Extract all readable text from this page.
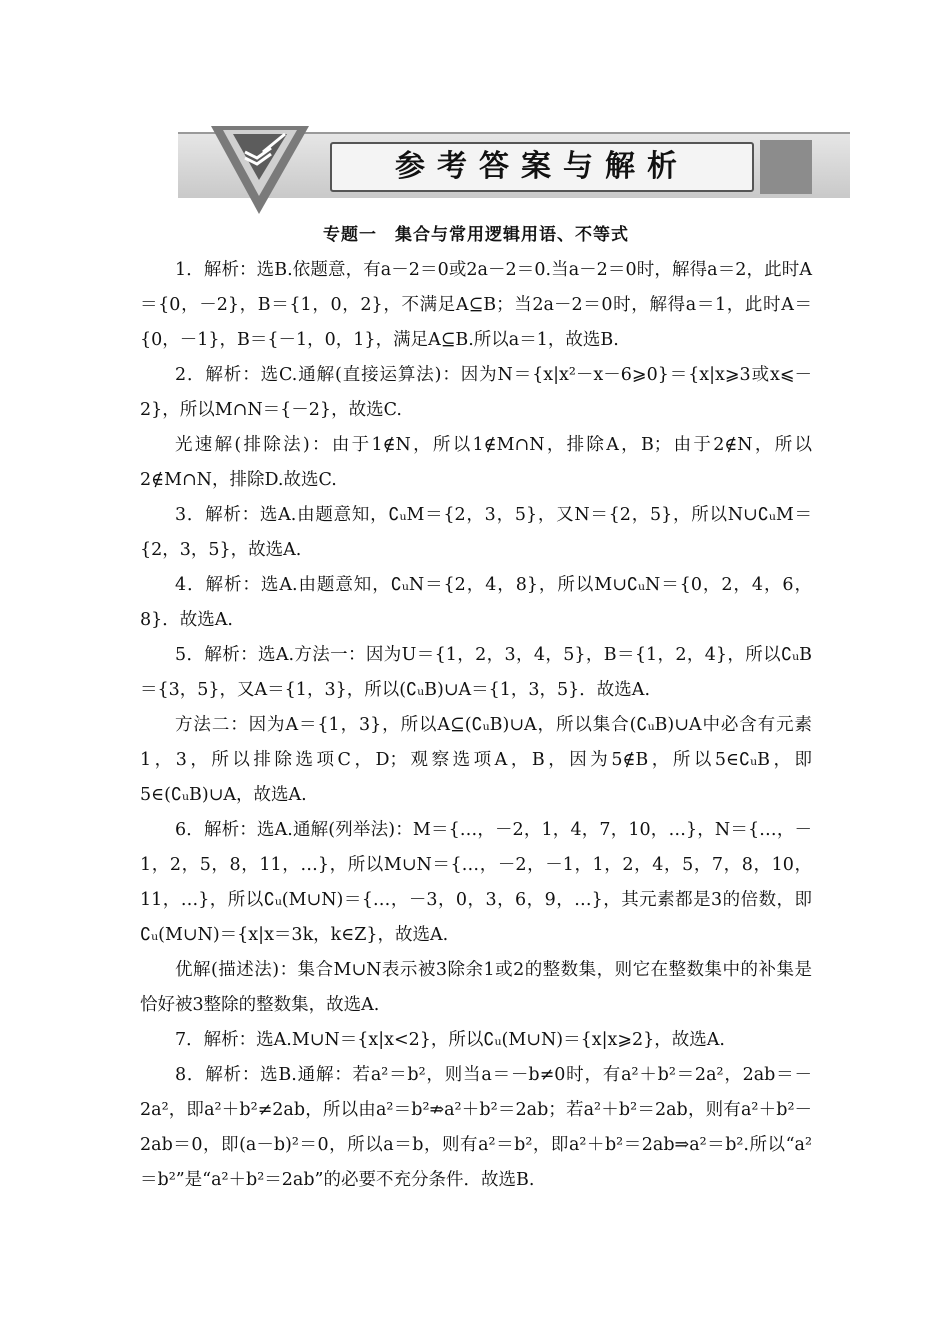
参考答案与解析
专题一　集合与常用逻辑用语、不等式

1．解析：选B.依题意，有a－2＝0或2a－2＝0.当a－2＝0时，解得a＝2，此时A＝{0，－2}，B＝{1，0，2}，不满足A⊆B；当2a－2＝0时，解得a＝1，此时A＝{0，－1}，B＝{－1，0，1}，满足A⊆B.所以a＝1，故选B.

2．解析：选C.通解(直接运算法)：因为N＝{x|x²－x－6⩾0}＝{x|x⩾3或x⩽－2}，所以M∩N＝{－2}，故选C.

光速解(排除法)：由于1∉N，所以1∉M∩N，排除A，B；由于2∉N，所以2∉M∩N，排除D.故选C.

3．解析：选A.由题意知，∁ᵤM＝{2，3，5}，又N＝{2，5}，所以N∪∁ᵤM＝{2，3，5}，故选A.

4．解析：选A.由题意知，∁ᵤN＝{2，4，8}，所以M∪∁ᵤN＝{0，2，4，6，8}．故选A.

5．解析：选A.方法一：因为U＝{1，2，3，4，5}，B＝{1，2，4}，所以∁ᵤB＝{3，5}，又A＝{1，3}，所以(∁ᵤB)∪A＝{1，3，5}．故选A.

方法二：因为A＝{1，3}，所以A⊆(∁ᵤB)∪A，所以集合(∁ᵤB)∪A中必含有元素1，3，所以排除选项C，D；观察选项A，B，因为5∉B，所以5∈∁ᵤB，即5∈(∁ᵤB)∪A，故选A.

6．解析：选A.通解(列举法)：M＝{…，－2，1，4，7，10，…}，N＝{…，－1，2，5，8，11，…}，所以M∪N＝{…，－2，－1，1，2，4，5，7，8，10，11，…}，所以∁ᵤ(M∪N)＝{…，－3，0，3，6，9，…}，其元素都是3的倍数，即∁ᵤ(M∪N)＝{x|x＝3k，k∈Z}，故选A.

优解(描述法)：集合M∪N表示被3除余1或2的整数集，则它在整数集中的补集是恰好被3整除的整数集，故选A.

7．解析：选A.M∪N＝{x|x<2}，所以∁ᵤ(M∪N)＝{x|x⩾2}，故选A.

8．解析：选B.通解：若a²＝b²，则当a＝－b≠0时，有a²＋b²＝2a²，2ab＝－2a²，即a²＋b²≠2ab，所以由a²＝b²⇏a²＋b²＝2ab；若a²＋b²＝2ab，则有a²＋b²－2ab＝0，即(a－b)²＝0，所以a＝b，则有a²＝b²，即a²＋b²＝2ab⇒a²＝b².所以“a²＝b²”是“a²＋b²＝2ab”的必要不充分条件．故选B.
